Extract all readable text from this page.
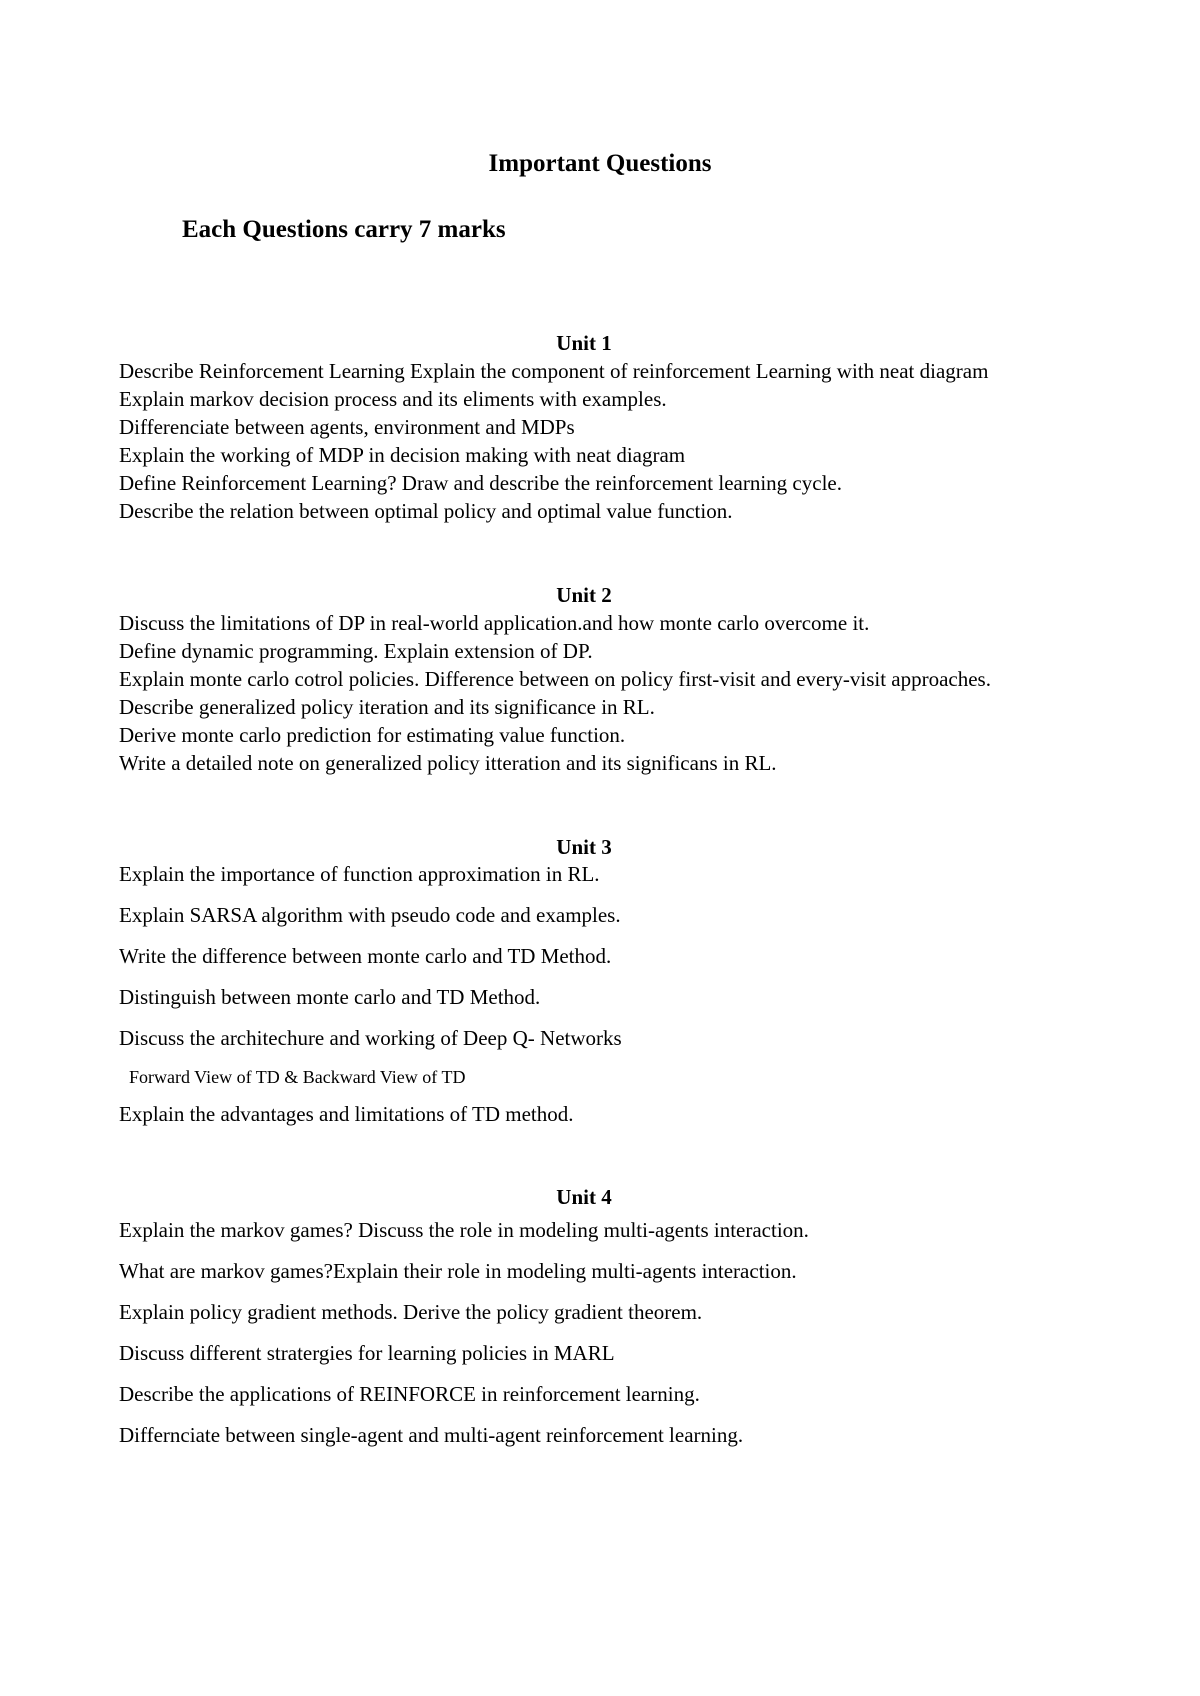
Important Questions
Each Questions carry 7 marks
Unit 1

Describe Reinforcement Learning Explain the component of reinforcement Learning with neat diagram

Explain markov decision process and its eliments with examples.

Differenciate between agents, environment and MDPs

Explain the working of MDP in decision making with neat diagram

Define Reinforcement Learning? Draw and describe the reinforcement learning cycle.

Describe the relation between optimal policy and optimal value function.

Unit 2

Discuss the limitations of DP in real-world application.and how monte carlo overcome it.

Define dynamic programming. Explain extension of DP.

Explain monte carlo cotrol policies. Difference between on policy first-visit and every-visit approaches.

Describe generalized policy iteration and its significance in RL.

Derive monte carlo prediction for estimating value function.

Write a detailed note on generalized policy itteration and its significans in RL.

Unit 3

Explain the importance of function approximation in RL.

Explain SARSA algorithm with pseudo code and examples.

Write the difference between monte carlo and TD Method.

Distinguish between monte carlo and TD Method.

Discuss the architechure and working of Deep Q- Networks

Forward View of TD & Backward View of TD

Explain the advantages and limitations of TD method.

Unit 4

Explain the markov games? Discuss the role in modeling multi-agents interaction.

What are markov games?Explain their role in modeling multi-agents interaction.

Explain policy gradient methods. Derive the policy gradient theorem.

Discuss different stratergies for learning policies in MARL

Describe the applications of REINFORCE in reinforcement learning.

Differnciate between single-agent and multi-agent reinforcement learning.
